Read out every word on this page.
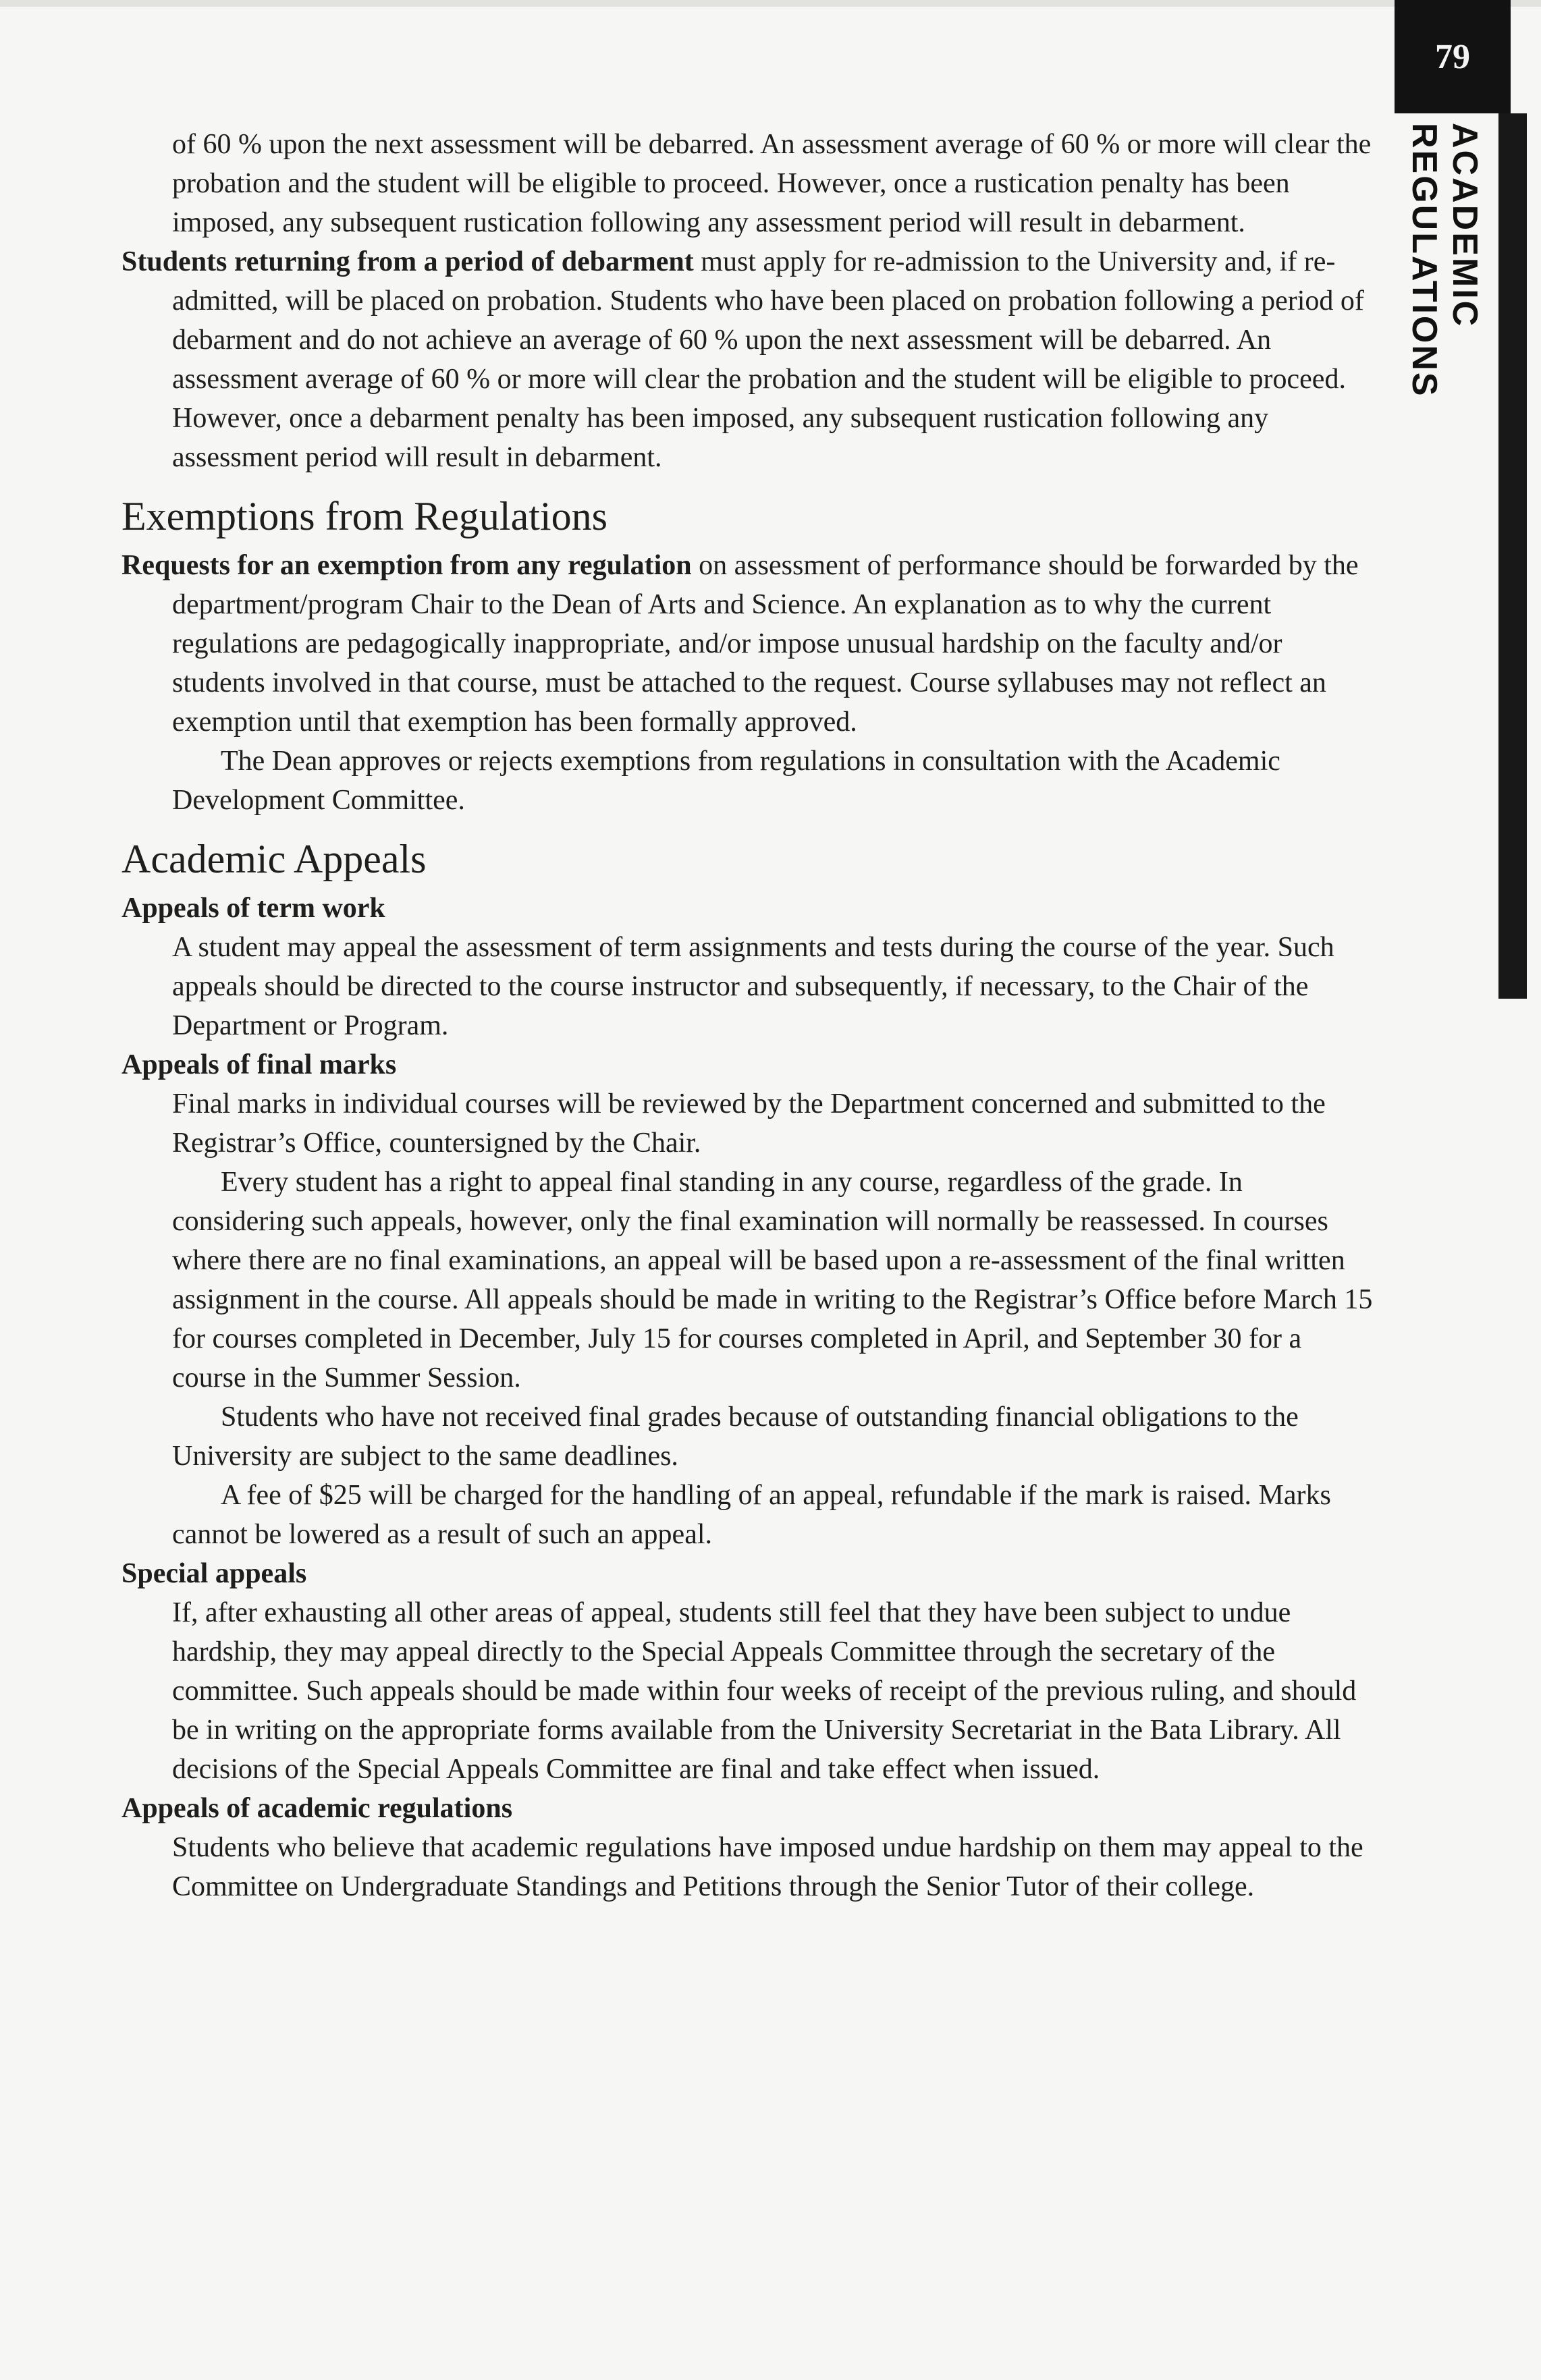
79
ACADEMIC REGULATIONS

of 60 % upon the next assessment will be debarred. An assessment average of 60 % or more will clear the probation and the student will be eligible to proceed. However, once a rustication penalty has been imposed, any subsequent rustication following any assessment period will result in debarment.

Students returning from a period of debarment must apply for re-admission to the University and, if re-admitted, will be placed on probation. Students who have been placed on probation following a period of debarment and do not achieve an average of 60 % upon the next assessment will be debarred. An assessment average of 60 % or more will clear the probation and the student will be eligible to proceed. However, once a debarment penalty has been imposed, any subsequent rustication following any assessment period will result in debarment.

Exemptions from Regulations

Requests for an exemption from any regulation on assessment of performance should be forwarded by the department/program Chair to the Dean of Arts and Science. An explanation as to why the current regulations are pedagogically inappropriate, and/or impose unusual hardship on the faculty and/or students involved in that course, must be attached to the request. Course syllabuses may not reflect an exemption until that exemption has been formally approved.

The Dean approves or rejects exemptions from regulations in consultation with the Academic Development Committee.

Academic Appeals
Appeals of term work

A student may appeal the assessment of term assignments and tests during the course of the year. Such appeals should be directed to the course instructor and subsequently, if necessary, to the Chair of the Department or Program.

Appeals of final marks

Final marks in individual courses will be reviewed by the Department concerned and submitted to the Registrar’s Office, countersigned by the Chair.

Every student has a right to appeal final standing in any course, regardless of the grade. In considering such appeals, however, only the final examination will normally be reassessed. In courses where there are no final examinations, an appeal will be based upon a re-assessment of the final written assignment in the course. All appeals should be made in writing to the Registrar’s Office before March 15 for courses completed in December, July 15 for courses completed in April, and September 30 for a course in the Summer Session.

Students who have not received final grades because of outstanding financial obligations to the University are subject to the same deadlines.

A fee of $25 will be charged for the handling of an appeal, refundable if the mark is raised. Marks cannot be lowered as a result of such an appeal.

Special appeals

If, after exhausting all other areas of appeal, students still feel that they have been subject to undue hardship, they may appeal directly to the Special Appeals Committee through the secretary of the committee. Such appeals should be made within four weeks of receipt of the previous ruling, and should be in writing on the appropriate forms available from the University Secretariat in the Bata Library. All decisions of the Special Appeals Committee are final and take effect when issued.

Appeals of academic regulations

Students who believe that academic regulations have imposed undue hardship on them may appeal to the Committee on Undergraduate Standings and Petitions through the Senior Tutor of their college.
